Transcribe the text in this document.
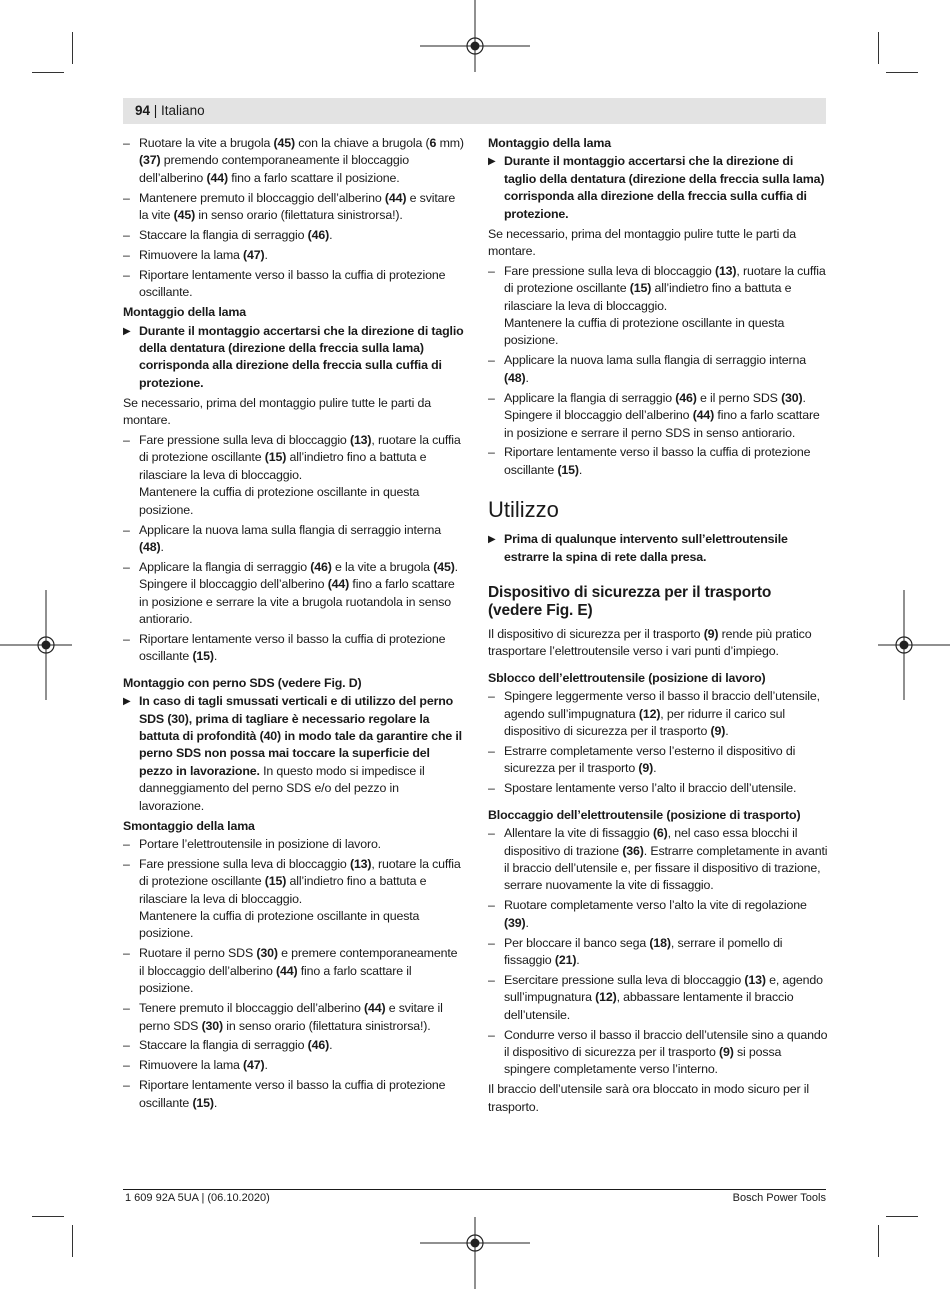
94 | Italiano
– Ruotare la vite a brugola (45) con la chiave a brugola (6 mm) (37) premendo contemporaneamente il bloccaggio dell’alberino (44) fino a farlo scattare il posizione.
– Mantenere premuto il bloccaggio dell’alberino (44) e svitare la vite (45) in senso orario (filettatura sinistrorsa!).
– Staccare la flangia di serraggio (46).
– Rimuovere la lama (47).
– Riportare lentamente verso il basso la cuffia di protezione oscillante.
Montaggio della lama
▶ Durante il montaggio accertarsi che la direzione di taglio della dentatura (direzione della freccia sulla lama) corrisponda alla direzione della freccia sulla cuffia di protezione.
Se necessario, prima del montaggio pulire tutte le parti da montare.
– Fare pressione sulla leva di bloccaggio (13), ruotare la cuffia di protezione oscillante (15) all’indietro fino a battuta e rilasciare la leva di bloccaggio.
Mantenere la cuffia di protezione oscillante in questa posizione.
– Applicare la nuova lama sulla flangia di serraggio interna (48).
– Applicare la flangia di serraggio (46) e la vite a brugola (45). Spingere il bloccaggio dell’alberino (44) fino a farlo scattare in posizione e serrare la vite a brugola ruotandola in senso antiorario.
– Riportare lentamente verso il basso la cuffia di protezione oscillante (15).
Montaggio con perno SDS (vedere Fig. D)
▶ In caso di tagli smussati verticali e di utilizzo del perno SDS (30), prima di tagliare è necessario regolare la battuta di profondità (40) in modo tale da garantire che il perno SDS non possa mai toccare la superficie del pezzo in lavorazione. In questo modo si impedisce il danneggiamento del perno SDS e/o del pezzo in lavorazione.
Smontaggio della lama
– Portare l’elettroutensile in posizione di lavoro.
– Fare pressione sulla leva di bloccaggio (13), ruotare la cuffia di protezione oscillante (15) all’indietro fino a battuta e rilasciare la leva di bloccaggio.
Mantenere la cuffia di protezione oscillante in questa posizione.
– Ruotare il perno SDS (30) e premere contemporaneamente il bloccaggio dell’alberino (44) fino a farlo scattare il posizione.
– Tenere premuto il bloccaggio dell’alberino (44) e svitare il perno SDS (30) in senso orario (filettatura sinistrorsa!).
– Staccare la flangia di serraggio (46).
– Rimuovere la lama (47).
– Riportare lentamente verso il basso la cuffia di protezione oscillante (15).
Montaggio della lama
▶ Durante il montaggio accertarsi che la direzione di taglio della dentatura (direzione della freccia sulla lama) corrisponda alla direzione della freccia sulla cuffia di protezione.
Se necessario, prima del montaggio pulire tutte le parti da montare.
– Fare pressione sulla leva di bloccaggio (13), ruotare la cuffia di protezione oscillante (15) all’indietro fino a battuta e rilasciare la leva di bloccaggio.
Mantenere la cuffia di protezione oscillante in questa posizione.
– Applicare la nuova lama sulla flangia di serraggio interna (48).
– Applicare la flangia di serraggio (46) e il perno SDS (30). Spingere il bloccaggio dell’alberino (44) fino a farlo scattare in posizione e serrare il perno SDS in senso antiorario.
– Riportare lentamente verso il basso la cuffia di protezione oscillante (15).
Utilizzo
▶ Prima di qualunque intervento sull’elettroutensile estrarre la spina di rete dalla presa.
Dispositivo di sicurezza per il trasporto (vedere Fig. E)
Il dispositivo di sicurezza per il trasporto (9) rende più pratico trasportare l’elettroutensile verso i vari punti d’impiego.
Sblocco dell’elettroutensile (posizione di lavoro)
– Spingere leggermente verso il basso il braccio dell’utensile, agendo sull’impugnatura (12), per ridurre il carico sul dispositivo di sicurezza per il trasporto (9).
– Estrarre completamente verso l’esterno il dispositivo di sicurezza per il trasporto (9).
– Spostare lentamente verso l’alto il braccio dell’utensile.
Bloccaggio dell’elettroutensile (posizione di trasporto)
– Allentare la vite di fissaggio (6), nel caso essa blocchi il dispositivo di trazione (36). Estrarre completamente in avanti il braccio dell’utensile e, per fissare il dispositivo di trazione, serrare nuovamente la vite di fissaggio.
– Ruotare completamente verso l’alto la vite di regolazione (39).
– Per bloccare il banco sega (18), serrare il pomello di fissaggio (21).
– Esercitare pressione sulla leva di bloccaggio (13) e, agendo sull’impugnatura (12), abbassare lentamente il braccio dell’utensile.
– Condurre verso il basso il braccio dell’utensile sino a quando il dispositivo di sicurezza per il trasporto (9) si possa spingere completamente verso l’interno.
Il braccio dell’utensile sarà ora bloccato in modo sicuro per il trasporto.
1 609 92A 5UA | (06.10.2020)	Bosch Power Tools
